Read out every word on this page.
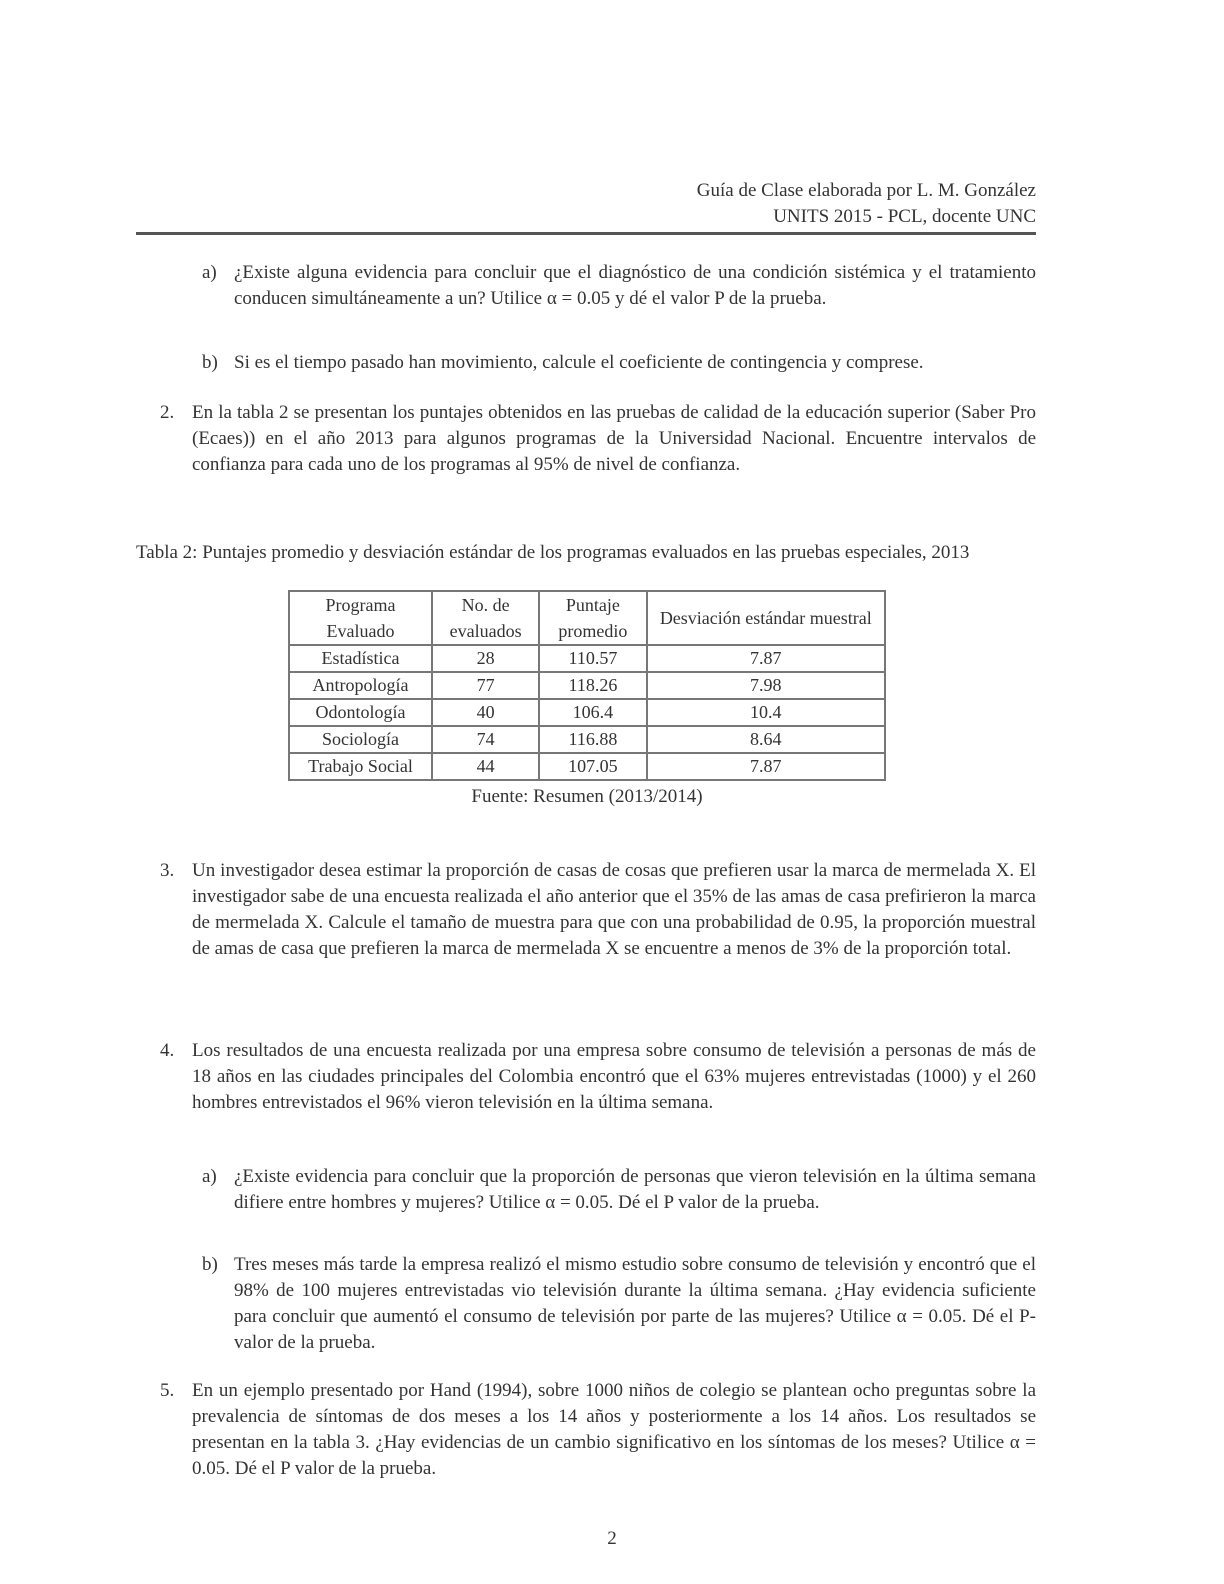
Guía de Clase elaborada por L. M. González
UNITS 2015 - PCL, docente UNC
a) ¿Existe alguna evidencia para concluir que el diagnóstico de una condición sistémica y el tratamiento conducen simultáneamente a un? Utilice α = 0.05 y dé el valor P de la prueba.
b) Si es el tiempo pasado han movimiento, calcule el coeficiente de contingencia y comprese.
2. En la tabla 2 se presentan los puntajes obtenidos en las pruebas de calidad de la educación superior (Saber Pro (Ecaes)) en el año 2013 para algunos programas de la Universidad Nacional. Encuentre intervalos de confianza para cada uno de los programas al 95% de nivel de confianza.
Tabla 2: Puntajes promedio y desviación estándar de los programas evaluados en las pruebas especiales, 2013
Programa Evaluado	No. de evaluados	Puntaje promedio	Desviación estándar muestral
Estadística	28	110.57	7.87
Antropología	77	118.26	7.98
Odontología	40	106.4	10.4
Sociología	74	116.88	8.64
Trabajo Social	44	107.05	7.87
Fuente: Resumen (2013/2014)
3. Un investigador desea estimar la proporción de casas de cosas que prefieren usar la marca de mermelada X. El investigador sabe de una encuesta realizada el año anterior que el 35% de las amas de casa prefirieron la marca de mermelada X. Calcule el tamaño de muestra para que con una probabilidad de 0.95, la proporción muestral de amas de casa que prefieren la marca de mermelada X se encuentre a menos de 3% de la proporción total.
4. Los resultados de una encuesta realizada por una empresa sobre consumo de televisión a personas de más de 18 años en las ciudades principales del Colombia encontró que el 63% mujeres entrevistadas (1000) y el 260 hombres entrevistados el 96% vieron televisión en la última semana.
a) ¿Existe evidencia para concluir que la proporción de personas que vieron televisión en la última semana difiere entre hombres y mujeres? Utilice α = 0.05. Dé el P valor de la prueba.
b) Tres meses más tarde la empresa realizó el mismo estudio sobre consumo de televisión y encontró que el 98% de 100 mujeres entrevistadas vio televisión durante la última semana. ¿Hay evidencia suficiente para concluir que aumentó el consumo de televisión por parte de las mujeres? Utilice α = 0.05. Dé el P-valor de la prueba.
5. En un ejemplo presentado por Hand (1994), sobre 1000 niños de colegio se plantean ocho preguntas sobre la prevalencia de síntomas de dos meses a los 14 años y posteriormente a los 14 años. Los resultados se presentan en la tabla 3. ¿Hay evidencias de un cambio significativo en los síntomas de los meses? Utilice α = 0.05. Dé el P valor de la prueba.
2
